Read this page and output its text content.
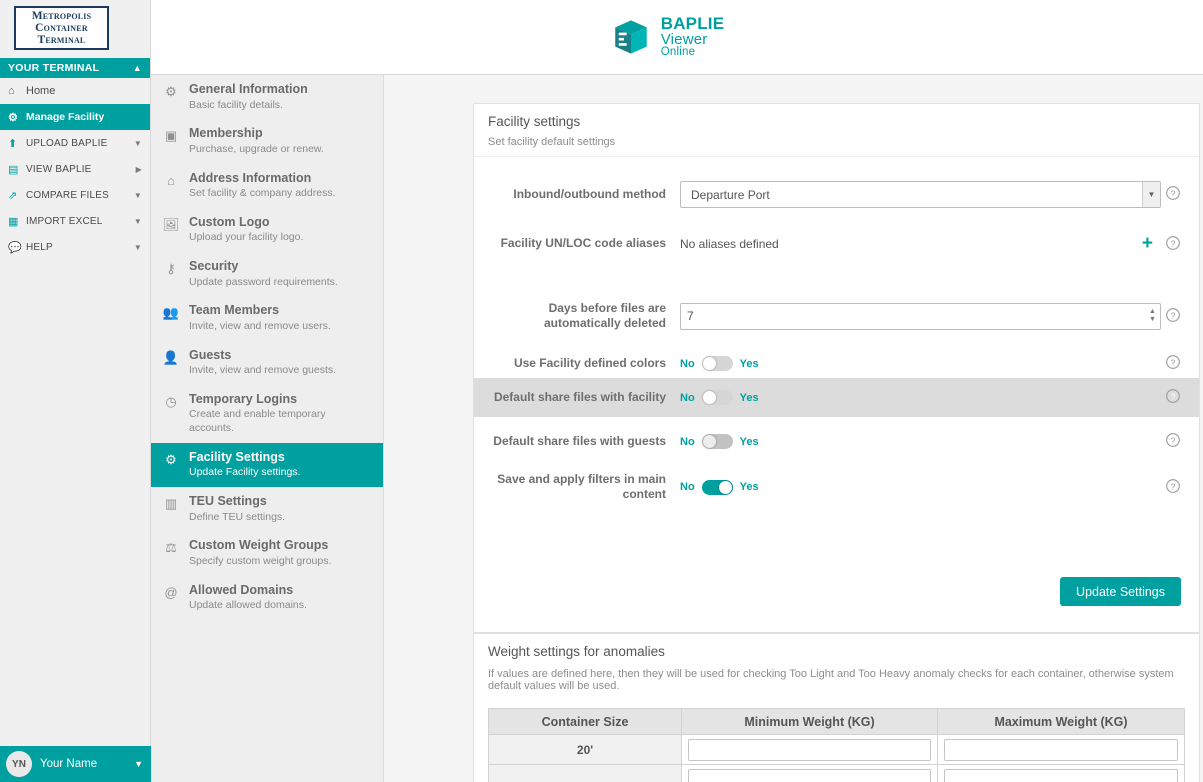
Metropolis
Container
Terminal
YOUR TERMINAL	▲
⌂	Home
⚙ Manage Facility
⬆ UPLOAD BAPLIE	▼
▤ VIEW BAPLIE	▶
⇗ COMPARE FILES	▼
▦ IMPORT EXCEL	▼
💬 HELP	▼
YN	Your Name	▼
BAPLIE
Viewer
Online
⚙ General Information
Basic facility details.
▣ Membership
Purchase, upgrade or renew.
⌂	Address Information
Set facility & company address.
🖼 Custom Logo
Upload your facility logo.
⚷	Security
Update password requirements.
👥 Team Members
Invite, view and remove users.
👤 Guests
Invite, view and remove guests.
◷ Temporary Logins
Create and enable temporary accounts.
⚙ Facility Settings
Update Facility settings.
▥ TEU Settings
Define TEU settings.
⚖ Custom Weight Groups
Specify custom weight groups.
@ Allowed Domains
Update allowed domains.
Facility settings
Set facility default settings
Inbound/outbound method
Departure Port	▼	?
Facility UN/LOC code aliases	No aliases defined	+ ?
Days before files are automatically deleted
7
▲
▼ ?
Use Facility defined colors	No	Yes	?
Default share files with facility	No	Yes	?
Default share files with guests	No	Yes	?
Save and apply filters in main content	No	Yes	?
Update Settings
Weight settings for anomalies
If values are defined here, then they will be used for checking Too Light and Too Heavy anomaly checks for each container, otherwise system default values will be used.
Container Size	Minimum Weight (KG)	Maximum Weight (KG)
20'		
